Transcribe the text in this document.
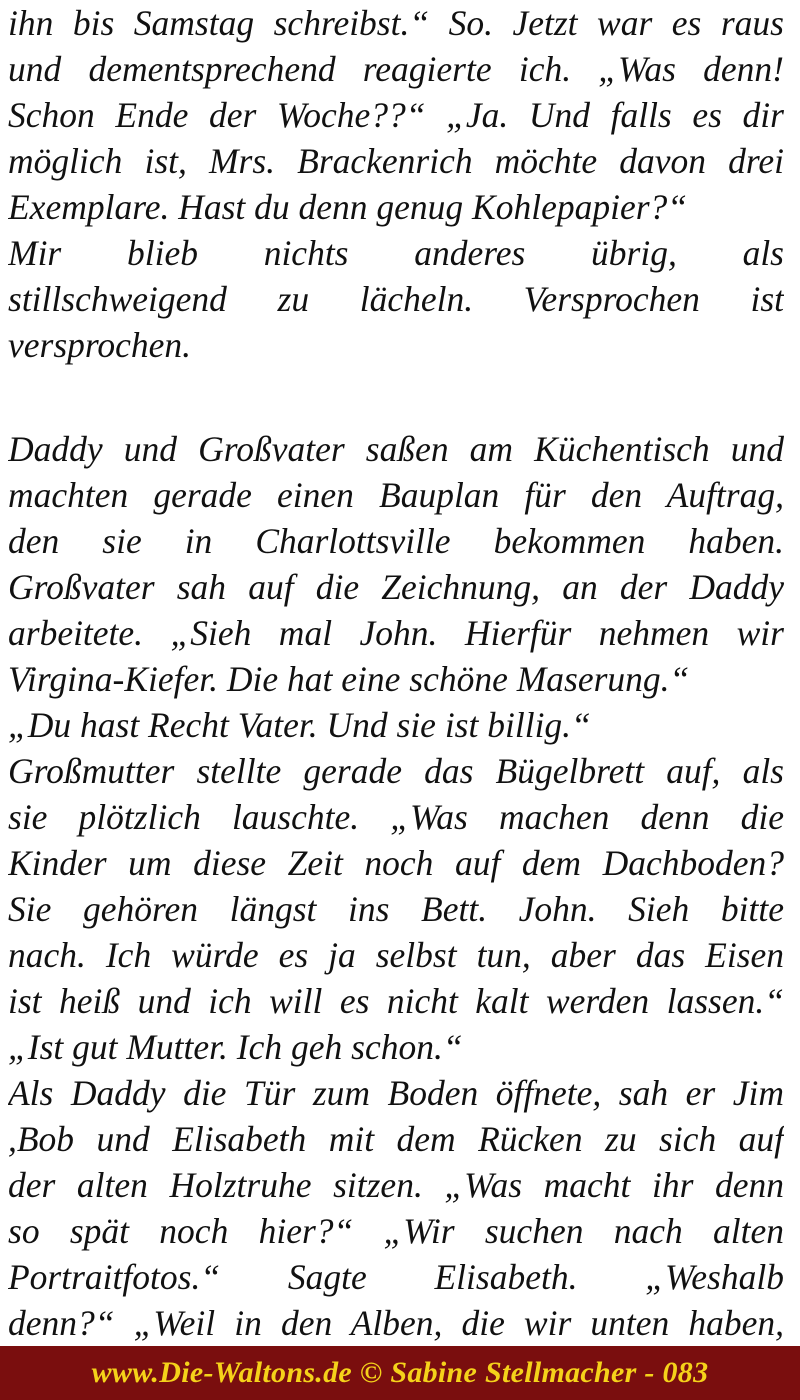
ihn bis Samstag schreibst.“ So. Jetzt war es raus
und dementsprechend reagierte ich. „Was denn!
Schon Ende der Woche??“ „Ja. Und falls es dir
möglich ist, Mrs. Brackenrich möchte davon drei
Exemplare. Hast du denn genug Kohlepapier?“
Mir blieb nichts anderes übrig, als
stillschweigend zu lächeln. Versprochen ist
versprochen.
Daddy und Großvater saßen am Küchentisch und
machten gerade einen Bauplan für den Auftrag,
den sie in Charlottsville bekommen haben.
Großvater sah auf die Zeichnung, an der Daddy
arbeitete. „Sieh mal John. Hierfür nehmen wir
Virgina-Kiefer. Die hat eine schöne Maserung.“
„Du hast Recht Vater. Und sie ist billig.“
Großmutter stellte gerade das Bügelbrett auf, als
sie plötzlich lauschte. „Was machen denn die
Kinder um diese Zeit noch auf dem Dachboden?
Sie gehören längst ins Bett. John. Sieh bitte
nach. Ich würde es ja selbst tun, aber das Eisen
ist heiß und ich will es nicht kalt werden lassen.“
„Ist gut Mutter. Ich geh schon.“
Als Daddy die Tür zum Boden öffnete, sah er Jim
,Bob und Elisabeth mit dem Rücken zu sich auf
der alten Holztruhe sitzen. „Was macht ihr denn
so spät noch hier?“ „Wir suchen nach alten
Portraitfotos.“ Sagte Elisabeth. „Weshalb
denn?“ „Weil in den Alben, die wir unten haben,
www.Die-Waltons.de © Sabine Stellmacher - 083
